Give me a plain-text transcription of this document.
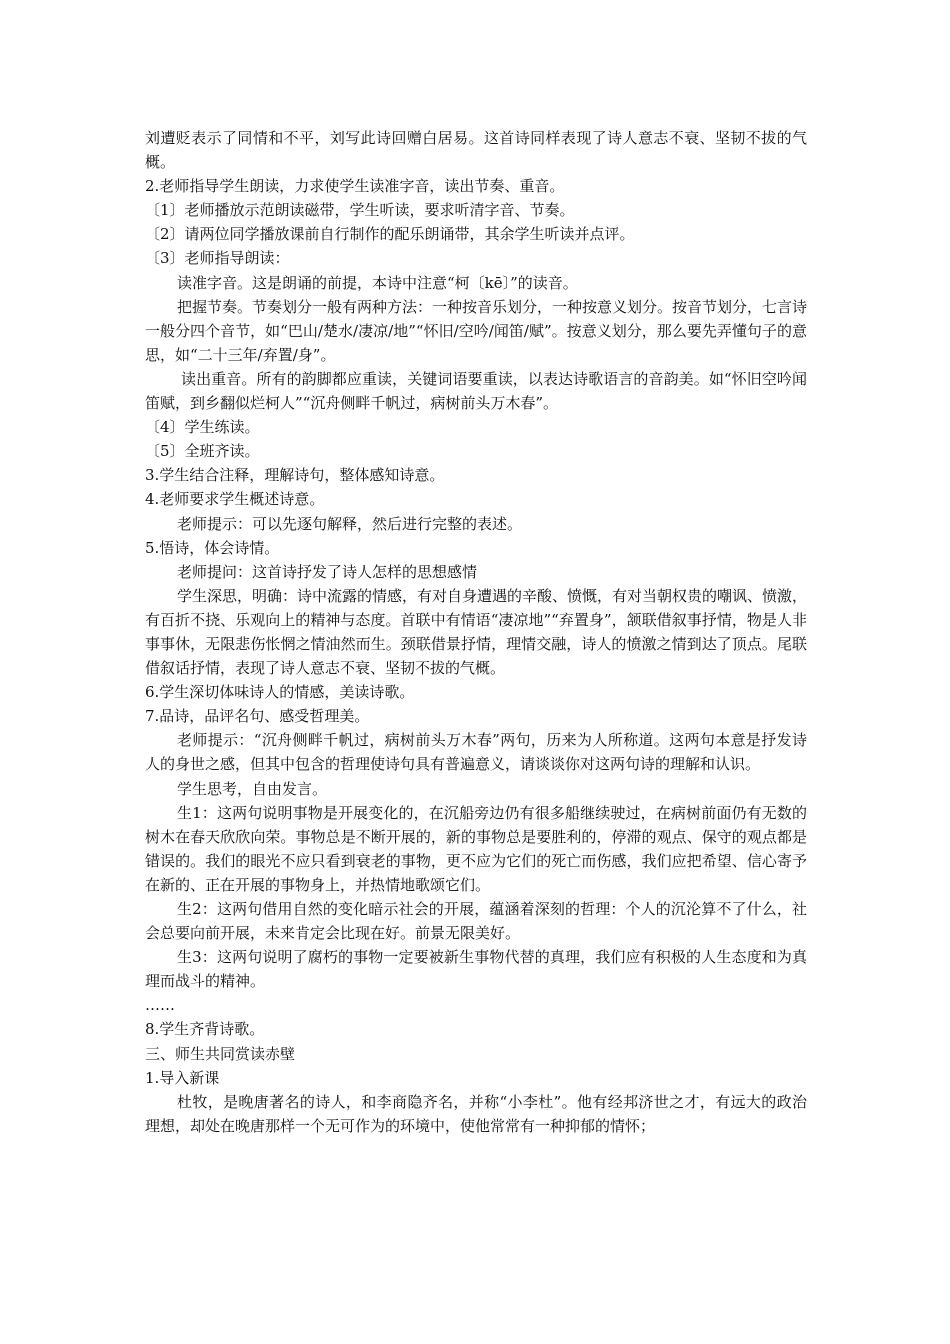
刘遭贬表示了同情和不平，刘写此诗回赠白居易。这首诗同样表现了诗人意志不衰、坚韧不拔的气概。

2.老师指导学生朗读，力求使学生读准字音，读出节奏、重音。

〔1〕老师播放示范朗读磁带，学生听读，要求听清字音、节奏。

〔2〕请两位同学播放课前自行制作的配乐朗诵带，其余学生听读并点评。

〔3〕老师指导朗读：

读准字音。这是朗诵的前提，本诗中注意“柯〔kē〕”的读音。

把握节奏。节奏划分一般有两种方法：一种按音乐划分，一种按意义划分。按音节划分，七言诗一般分四个音节，如“巴山/楚水/凄凉/地”“怀旧/空吟/闻笛/赋”。按意义划分，那么要先弄懂句子的意思，如“二十三年/弃置/身”。

读出重音。所有的韵脚都应重读，关键词语要重读，以表达诗歌语言的音韵美。如“怀旧空吟闻笛赋，到乡翻似烂柯人”“沉舟侧畔千帆过，病树前头万木春”。

〔4〕学生练读。

〔5〕全班齐读。

3.学生结合注释，理解诗句，整体感知诗意。

4.老师要求学生概述诗意。

老师提示：可以先逐句解释，然后进行完整的表述。

5.悟诗，体会诗情。

老师提问：这首诗抒发了诗人怎样的思想感情

学生深思，明确：诗中流露的情感，有对自身遭遇的辛酸、愤慨，有对当朝权贵的嘲讽、愤激，有百折不挠、乐观向上的精神与态度。首联中有情语“凄凉地”“弃置身”，颔联借叙事抒情，物是人非事事休，无限悲伤怅惘之情油然而生。颈联借景抒情，理情交融，诗人的愤激之情到达了顶点。尾联借叙话抒情，表现了诗人意志不衰、坚韧不拔的气概。

6.学生深切体味诗人的情感，美读诗歌。

7.品诗，品评名句、感受哲理美。

老师提示：“沉舟侧畔千帆过，病树前头万木春”两句，历来为人所称道。这两句本意是抒发诗人的身世之感，但其中包含的哲理使诗句具有普遍意义，请谈谈你对这两句诗的理解和认识。

学生思考，自由发言。

生1：这两句说明事物是开展变化的，在沉船旁边仍有很多船继续驶过，在病树前面仍有无数的树木在春天欣欣向荣。事物总是不断开展的，新的事物总是要胜利的，停滞的观点、保守的观点都是错误的。我们的眼光不应只看到衰老的事物，更不应为它们的死亡而伤感，我们应把希望、信心寄予在新的、正在开展的事物身上，并热情地歌颂它们。

生2：这两句借用自然的变化暗示社会的开展，蕴涵着深刻的哲理：个人的沉沦算不了什么，社会总要向前开展，未来肯定会比现在好。前景无限美好。

生3：这两句说明了腐朽的事物一定要被新生事物代替的真理，我们应有积极的人生态度和为真理而战斗的精神。

……

8.学生齐背诗歌。

三、师生共同赏读赤壁

1.导入新课

杜牧，是晚唐著名的诗人，和李商隐齐名，并称“小李杜”。他有经邦济世之才，有远大的政治理想，却处在晚唐那样一个无可作为的环境中，使他常常有一种抑郁的情怀；
